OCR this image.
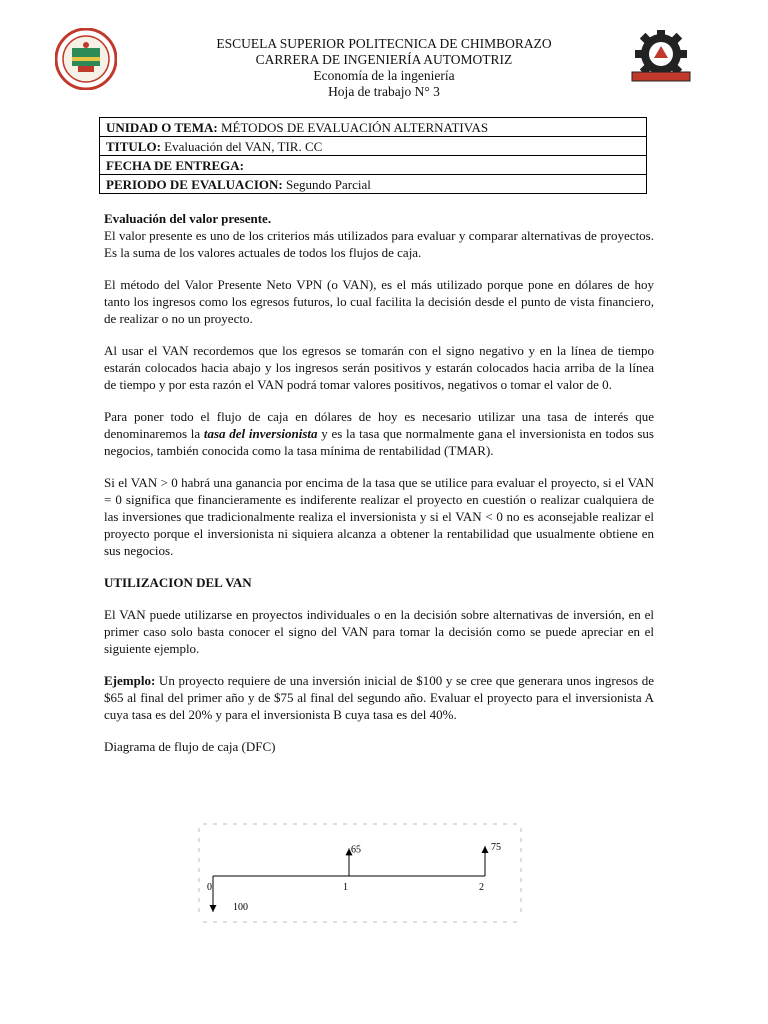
ESCUELA SUPERIOR POLITECNICA DE CHIMBORAZO
CARRERA DE INGENIERÍA AUTOMOTRIZ
Economía de la ingeniería
Hoja de trabajo N° 3
UNIDAD O TEMA: MÉTODOS DE EVALUACIÓN ALTERNATIVAS
TITULO: Evaluación del VAN, TIR. CC
FECHA DE ENTREGA:
PERIODO DE EVALUACION: Segundo Parcial

Evaluación del valor presente.

El valor presente es uno de los criterios más utilizados para evaluar y comparar alternativas de proyectos. Es la suma de los valores actuales de todos los flujos de caja.

El método del Valor Presente Neto VPN (o VAN), es el más utilizado porque pone en dólares de hoy tanto los ingresos como los egresos futuros, lo cual facilita la decisión desde el punto de vista financiero, de realizar o no un proyecto.

Al usar el VAN recordemos que los egresos se tomarán con el signo negativo y en la línea de tiempo estarán colocados hacia abajo y los ingresos serán positivos y estarán colocados hacia arriba de la línea de tiempo y por esta razón el VAN podrá tomar valores positivos, negativos o tomar el valor de 0.

Para poner todo el flujo de caja en dólares de hoy es necesario utilizar una tasa de interés que denominaremos la tasa del inversionista y es la tasa que normalmente gana el inversionista en todos sus negocios, también conocida como la tasa mínima de rentabilidad (TMAR).

Si el VAN > 0 habrá una ganancia por encima de la tasa que se utilice para evaluar el proyecto, si el VAN = 0 significa que financieramente es indiferente realizar el proyecto en cuestión o realizar cualquiera de las inversiones que tradicionalmente realiza el inversionista y si el VAN < 0 no es aconsejable realizar el proyecto porque el inversionista ni siquiera alcanza a obtener la rentabilidad que usualmente obtiene en sus negocios.

UTILIZACION DEL VAN

El VAN puede utilizarse en proyectos individuales o en la decisión sobre alternativas de inversión, en el primer caso solo basta conocer el signo del VAN para tomar la decisión como se puede apreciar en el siguiente ejemplo.

Ejemplo: Un proyecto requiere de una inversión inicial de $100 y se cree que generara unos ingresos de $65 al final del primer año y de $75 al final del segundo año. Evaluar el proyecto para el inversionista A cuya tasa es del 20% y para el inversionista B cuya tasa es del 40%.

Diagrama de flujo de caja (DFC)

0	1	2
100
65	75
